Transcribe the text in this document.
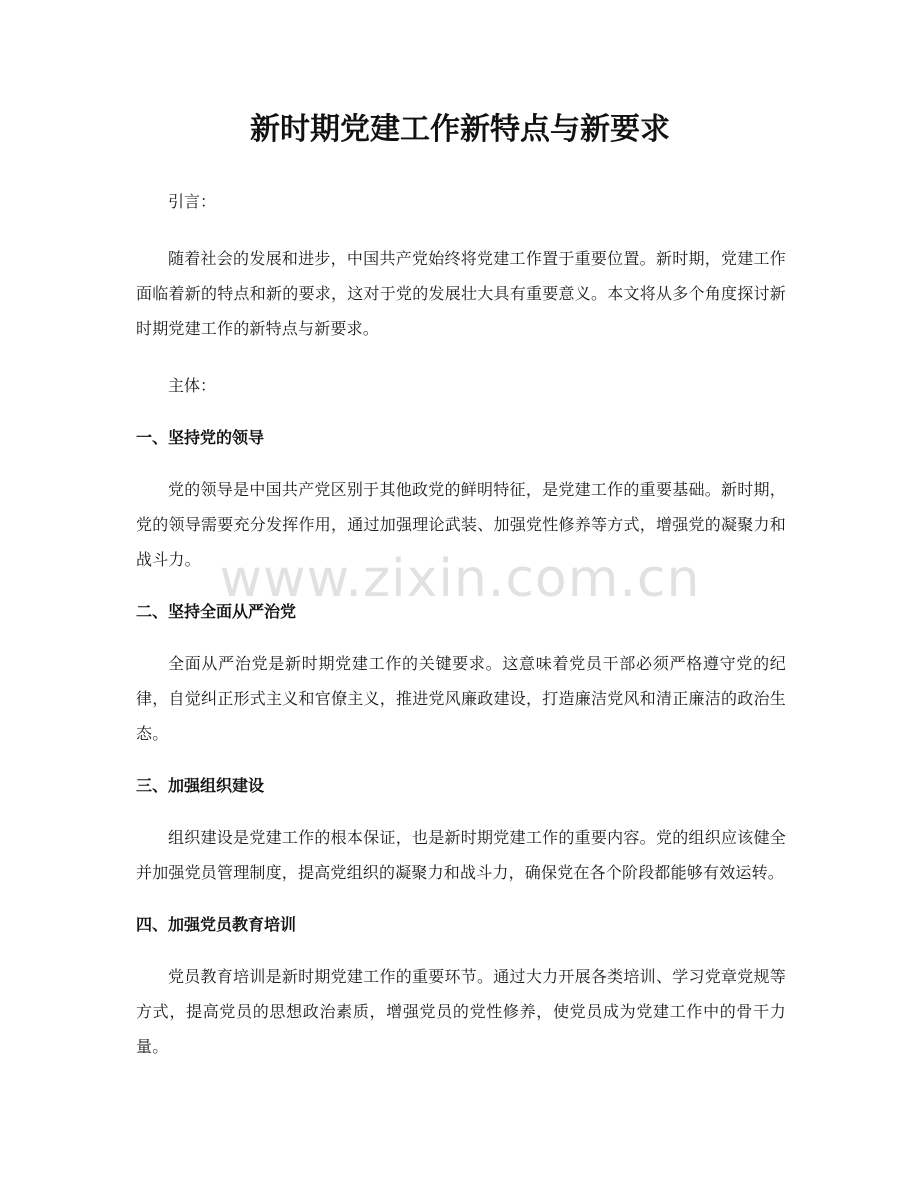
新时期党建工作新特点与新要求

引言：

随着社会的发展和进步，中国共产党始终将党建工作置于重要位置。新时期，党建工作面临着新的特点和新的要求，这对于党的发展壮大具有重要意义。本文将从多个角度探讨新时期党建工作的新特点与新要求。

主体：

一、坚持党的领导

党的领导是中国共产党区别于其他政党的鲜明特征，是党建工作的重要基础。新时期，党的领导需要充分发挥作用，通过加强理论武装、加强党性修养等方式，增强党的凝聚力和战斗力。

二、坚持全面从严治党

全面从严治党是新时期党建工作的关键要求。这意味着党员干部必须严格遵守党的纪律，自觉纠正形式主义和官僚主义，推进党风廉政建设，打造廉洁党风和清正廉洁的政治生态。

三、加强组织建设

组织建设是党建工作的根本保证，也是新时期党建工作的重要内容。党的组织应该健全并加强党员管理制度，提高党组织的凝聚力和战斗力，确保党在各个阶段都能够有效运转。

四、加强党员教育培训

党员教育培训是新时期党建工作的重要环节。通过大力开展各类培训、学习党章党规等方式，提高党员的思想政治素质，增强党员的党性修养，使党员成为党建工作中的骨干力量。

www.zixin.com.cn
